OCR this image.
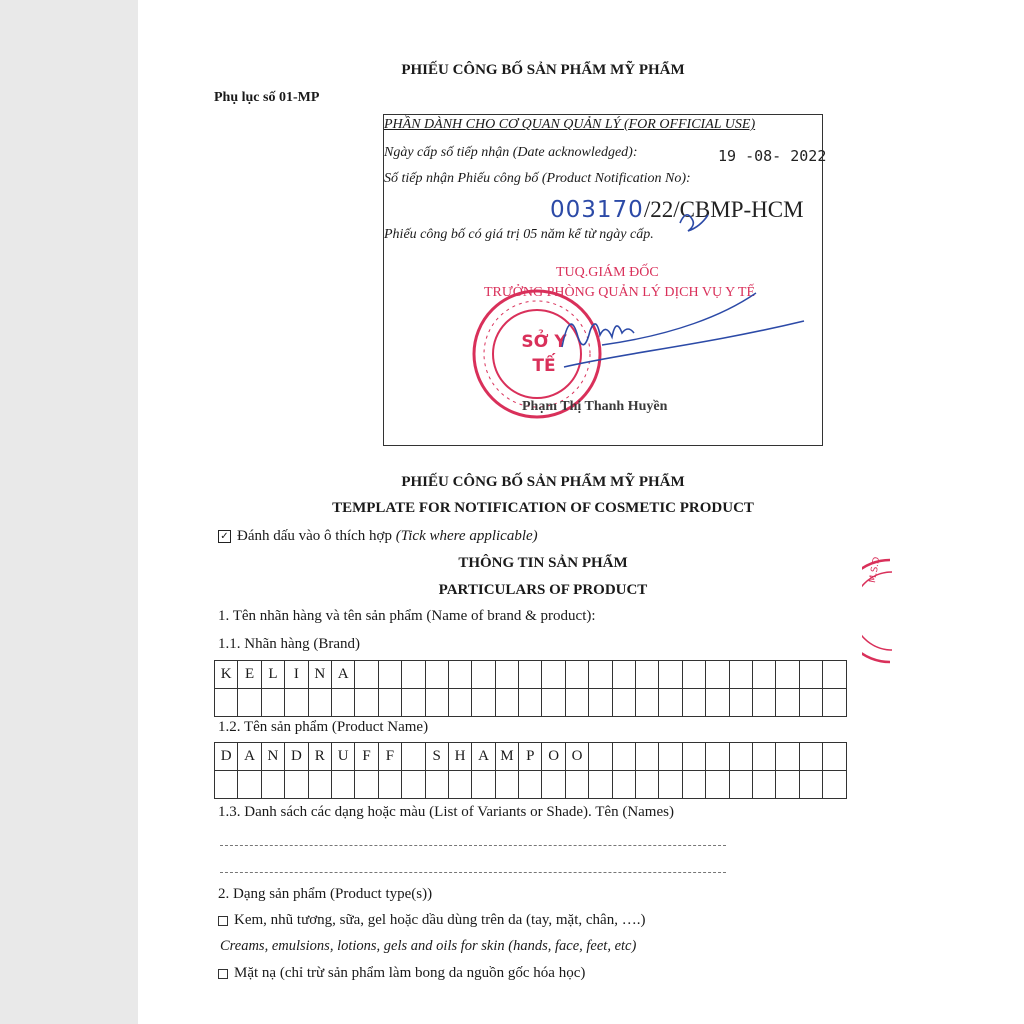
PHIẾU CÔNG BỐ SẢN PHẨM MỸ PHẨM
Phụ lục số 01-MP
PHẦN DÀNH CHO CƠ QUAN QUẢN LÝ (FOR OFFICIAL USE)
Ngày cấp số tiếp nhận (Date acknowledged):	19 -08- 2022
Số tiếp nhận Phiếu công bố (Product Notification No):
003170/22/CBMP-HCM
Phiếu công bố có giá trị 05 năm kể từ ngày cấp.
TUQ.GIÁM ĐỐC
TRƯỞNG PHÒNG QUẢN LÝ DỊCH VỤ Y TẾ
SỞ Y TẾ
Phạm Thị Thanh Huyền
PHIẾU CÔNG BỐ SẢN PHẨM MỸ PHẨM
TEMPLATE FOR NOTIFICATION OF COSMETIC PRODUCT
✓ Đánh dấu vào ô thích hợp (Tick where applicable)
THÔNG TIN SẢN PHẨM
PARTICULARS OF PRODUCT
1. Tên nhãn hàng và tên sản phẩm (Name of brand & product):
1.1. Nhãn hàng (Brand)
K	E	L	I	N	A																					

1.2. Tên sản phẩm (Product Name)
D	A	N	D	R	U	F	F		S	H	A	M	P	O	O											

1.3. Danh sách các dạng hoặc màu (List of Variants or Shade). Tên (Names)
2. Dạng sản phẩm (Product type(s))
Kem, nhũ tương, sữa, gel hoặc dầu dùng trên da (tay, mặt, chân, ….)
Creams, emulsions, lotions, gels and oils for skin (hands, face, feet, etc)
Mặt nạ (chỉ trừ sản phẩm làm bong da nguồn gốc hóa học)
M.S.D
